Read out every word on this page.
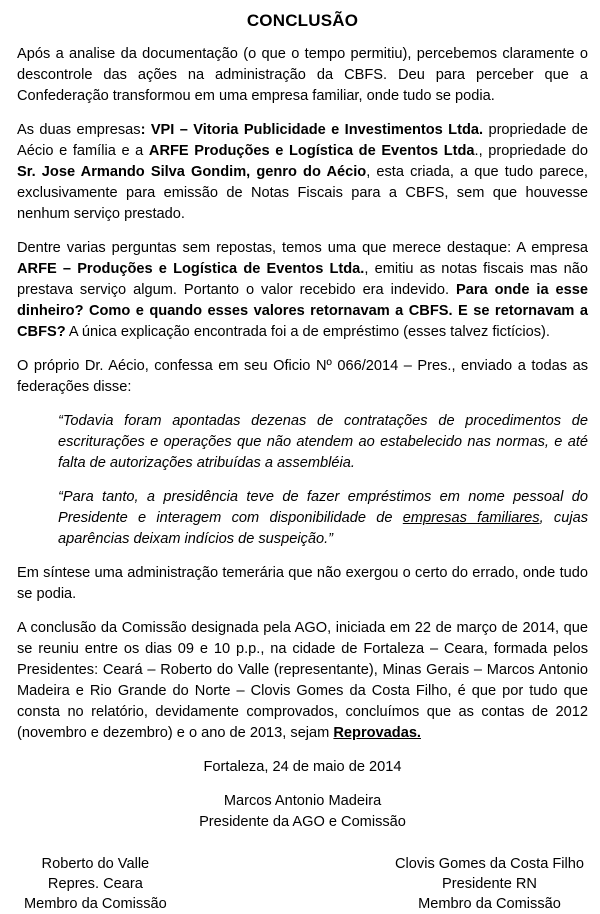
CONCLUSÃO

Após a analise da documentação (o que o tempo permitiu), percebemos claramente o descontrole das ações na administração da CBFS. Deu para perceber que a Confederação transformou em uma empresa familiar, onde tudo se podia.

As duas empresas: VPI – Vitoria Publicidade e Investimentos Ltda. propriedade de Aécio e família e a ARFE Produções e Logística de Eventos Ltda., propriedade do Sr. Jose Armando Silva Gondim, genro do Aécio, esta criada, a que tudo parece, exclusivamente para emissão de Notas Fiscais para a CBFS, sem que houvesse nenhum serviço prestado.

Dentre varias perguntas sem repostas, temos uma que merece destaque: A empresa ARFE – Produções e Logística de Eventos Ltda., emitiu as notas fiscais mas não prestava serviço algum. Portanto o valor recebido era indevido. Para onde ia esse dinheiro? Como e quando esses valores retornavam a CBFS. E se retornavam a CBFS? A única explicação encontrada foi a de empréstimo (esses talvez fictícios).

O próprio Dr. Aécio, confessa em seu Oficio Nº 066/2014 – Pres., enviado a todas as federações disse:

“Todavia foram apontadas dezenas de contratações de procedimentos de escriturações e operações que não atendem ao estabelecido nas normas, e até falta de autorizações atribuídas a assembléia.

“Para tanto, a presidência teve de fazer empréstimos em nome pessoal do Presidente e interagem com disponibilidade de empresas familiares, cujas aparências deixam indícios de suspeição.”

Em síntese uma administração temerária que não exergou o certo do errado, onde tudo se podia.

A conclusão da Comissão designada pela AGO, iniciada em 22 de março de 2014, que se reuniu entre os dias 09 e 10 p.p., na cidade de Fortaleza – Ceara, formada pelos Presidentes: Ceará – Roberto do Valle (representante), Minas Gerais – Marcos Antonio Madeira e Rio Grande do Norte – Clovis Gomes da Costa Filho, é que por tudo que consta no relatório, devidamente comprovados, concluímos que as contas de 2012 (novembro e dezembro) e o ano de 2013, sejam Reprovadas.

Fortaleza, 24 de maio de 2014
Marcos Antonio Madeira
Presidente da AGO e Comissão
Roberto do Valle
Repres. Ceara
Membro da Comissão
Clovis Gomes da Costa Filho
Presidente RN
Membro da Comissão
